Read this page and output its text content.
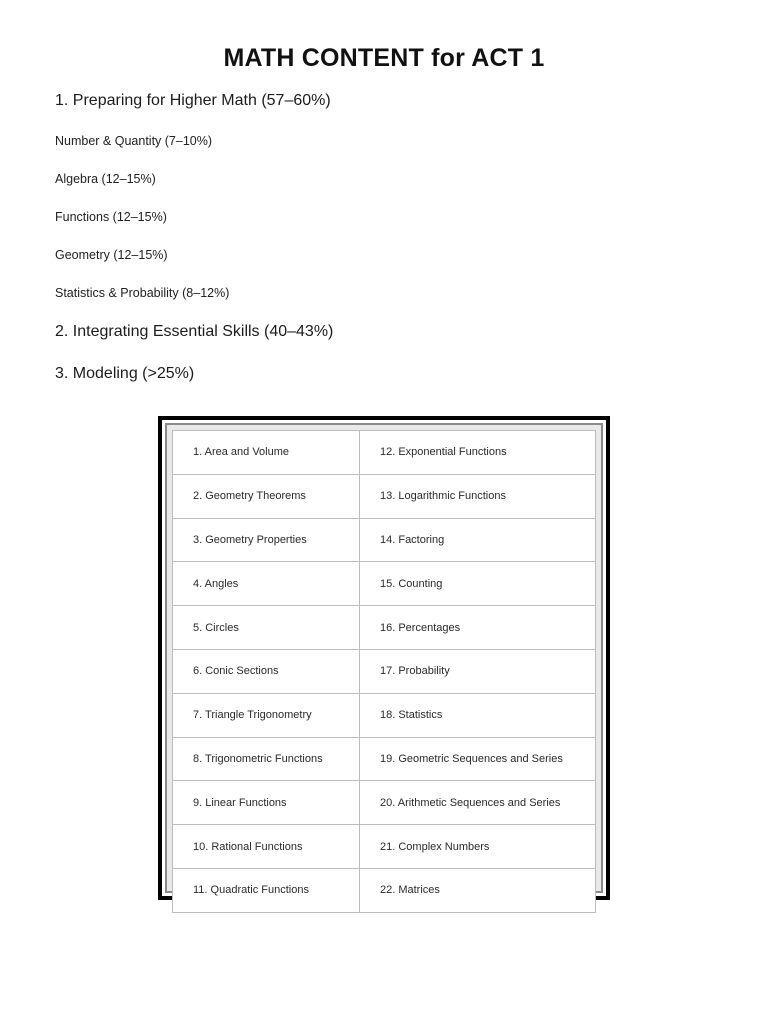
MATH CONTENT for ACT 1
1. Preparing for Higher Math (57–60%)
Number & Quantity (7–10%)
Algebra (12–15%)
Functions (12–15%)
Geometry (12–15%)
Statistics & Probability (8–12%)
2. Integrating Essential Skills (40–43%)
3. Modeling (>25%)
1. Area and Volume	12. Exponential Functions
2. Geometry Theorems	13. Logarithmic Functions
3. Geometry Properties	14. Factoring
4. Angles	15. Counting
5. Circles	16. Percentages
6. Conic Sections	17. Probability
7. Triangle Trigonometry	18. Statistics
8. Trigonometric Functions	19. Geometric Sequences and Series
9. Linear Functions	20. Arithmetic Sequences and Series
10. Rational Functions	21. Complex Numbers
11. Quadratic Functions	22. Matrices
